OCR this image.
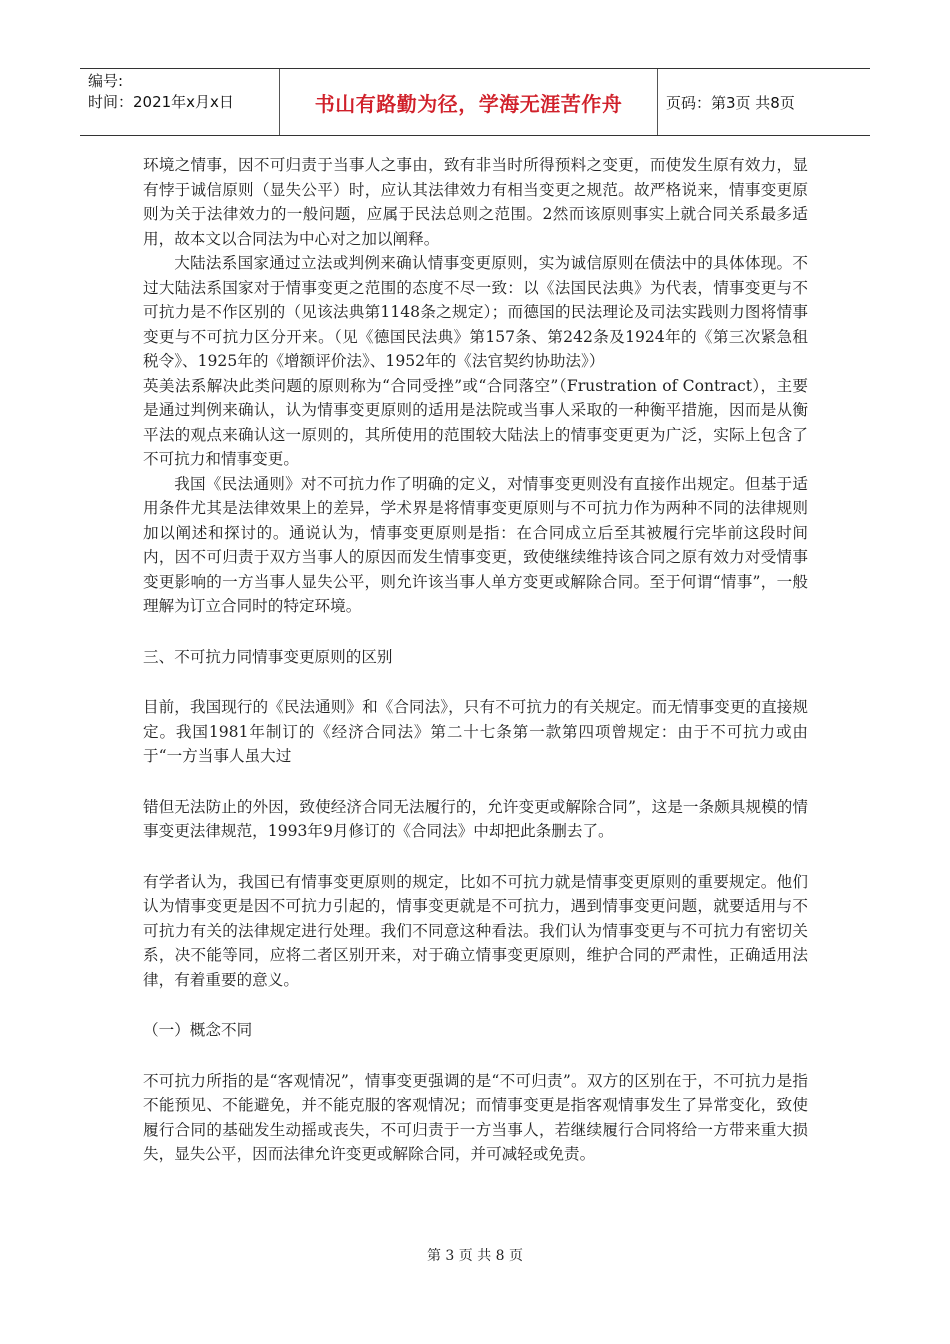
编号:
时间：2021年x月x日	书山有路勤为径，学海无涯苦作舟	页码：第3页 共8页

环境之情事，因不可归责于当事人之事由，致有非当时所得预料之变更，而使发生原有效力，显有悖于诚信原则（显失公平）时，应认其法律效力有相当变更之规范。故严格说来，情事变更原则为关于法律效力的一般问题，应属于民法总则之范围。2然而该原则事实上就合同关系最多适用，故本文以合同法为中心对之加以阐释。

大陆法系国家通过立法或判例来确认情事变更原则，实为诚信原则在债法中的具体体现。不过大陆法系国家对于情事变更之范围的态度不尽一致：以《法国民法典》为代表，情事变更与不可抗力是不作区别的（见该法典第1148条之规定）；而德国的民法理论及司法实践则力图将情事变更与不可抗力区分开来。（见《德国民法典》第157条、第242条及1924年的《第三次紧急租税令》、1925年的《增额评价法》、1952年的《法官契约协助法》）

英美法系解决此类问题的原则称为“合同受挫”或“合同落空”（Frustration of Contract），主要是通过判例来确认，认为情事变更原则的适用是法院或当事人采取的一种衡平措施，因而是从衡平法的观点来确认这一原则的，其所使用的范围较大陆法上的情事变更更为广泛，实际上包含了不可抗力和情事变更。

我国《民法通则》对不可抗力作了明确的定义，对情事变更则没有直接作出规定。但基于适用条件尤其是法律效果上的差异，学术界是将情事变更原则与不可抗力作为两种不同的法律规则加以阐述和探讨的。通说认为，情事变更原则是指：在合同成立后至其被履行完毕前这段时间内，因不可归责于双方当事人的原因而发生情事变更，致使继续维持该合同之原有效力对受情事变更影响的一方当事人显失公平，则允许该当事人单方变更或解除合同。至于何谓“情事”，一般理解为订立合同时的特定环境。

三、不可抗力同情事变更原则的区别

目前，我国现行的《民法通则》和《合同法》，只有不可抗力的有关规定。而无情事变更的直接规定。我国1981年制订的《经济合同法》第二十七条第一款第四项曾规定：由于不可抗力或由于“一方当事人虽大过

错但无法防止的外因，致使经济合同无法履行的，允许变更或解除合同”，这是一条颇具规模的情事变更法律规范，1993年9月修订的《合同法》中却把此条删去了。

有学者认为，我国已有情事变更原则的规定，比如不可抗力就是情事变更原则的重要规定。他们认为情事变更是因不可抗力引起的，情事变更就是不可抗力，遇到情事变更问题，就要适用与不可抗力有关的法律规定进行处理。我们不同意这种看法。我们认为情事变更与不可抗力有密切关系，决不能等同，应将二者区别开来，对于确立情事变更原则，维护合同的严肃性，正确适用法律，有着重要的意义。

（一）概念不同

不可抗力所指的是“客观情况”，情事变更强调的是“不可归责”。双方的区别在于，不可抗力是指不能预见、不能避免，并不能克服的客观情况；而情事变更是指客观情事发生了异常变化，致使履行合同的基础发生动摇或丧失，不可归责于一方当事人，若继续履行合同将给一方带来重大损失，显失公平，因而法律允许变更或解除合同，并可减轻或免责。

第 3 页 共 8 页
